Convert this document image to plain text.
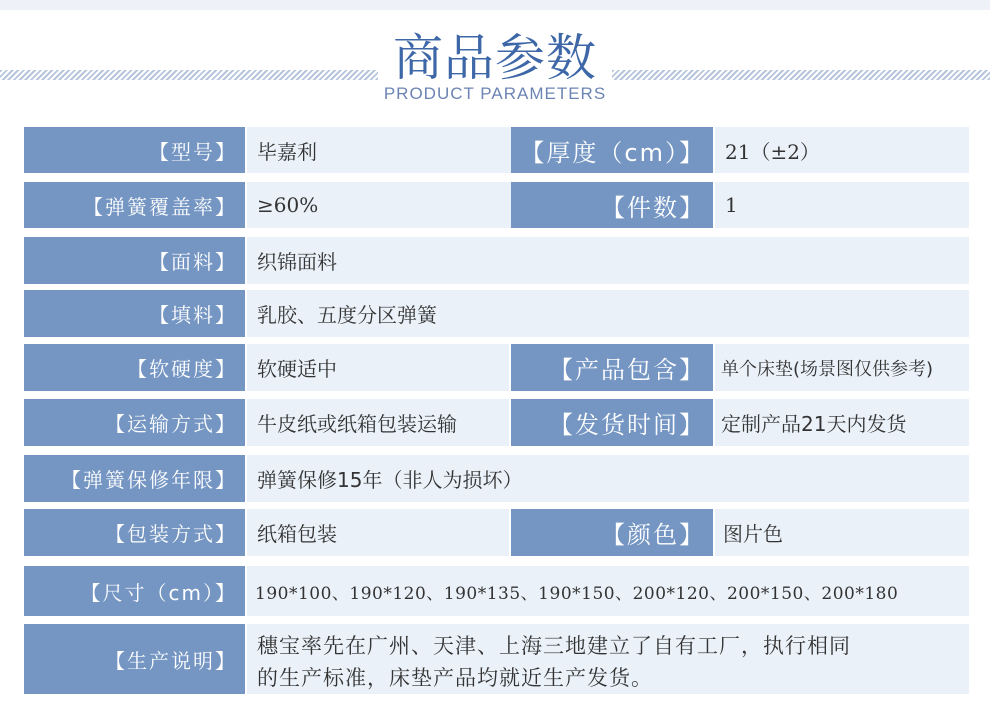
商品参数
PRODUCT PARAMETERS
【型号】	毕嘉利	【厚度（cm）】	21（±2）
【弹簧覆盖率】	≥60%	【件数】	1
【面料】	织锦面料
【填料】	乳胶、五度分区弹簧
【软硬度】	软硬适中	【产品包含】 单个床垫(场景图仅供参考)
【运输方式】	牛皮纸或纸箱包装运输	【发货时间】 定制产品21天内发货
【弹簧保修年限】	弹簧保修15年（非人为损坏）
【包装方式】	纸箱包装	【颜色】 图片色
【尺寸（cm）】	190*100、190*120、190*135、190*150、200*120、200*150、200*180
【生产说明】
穗宝率先在广州、天津、上海三地建立了自有工厂，执行相同
的生产标准，床垫产品均就近生产发货。
